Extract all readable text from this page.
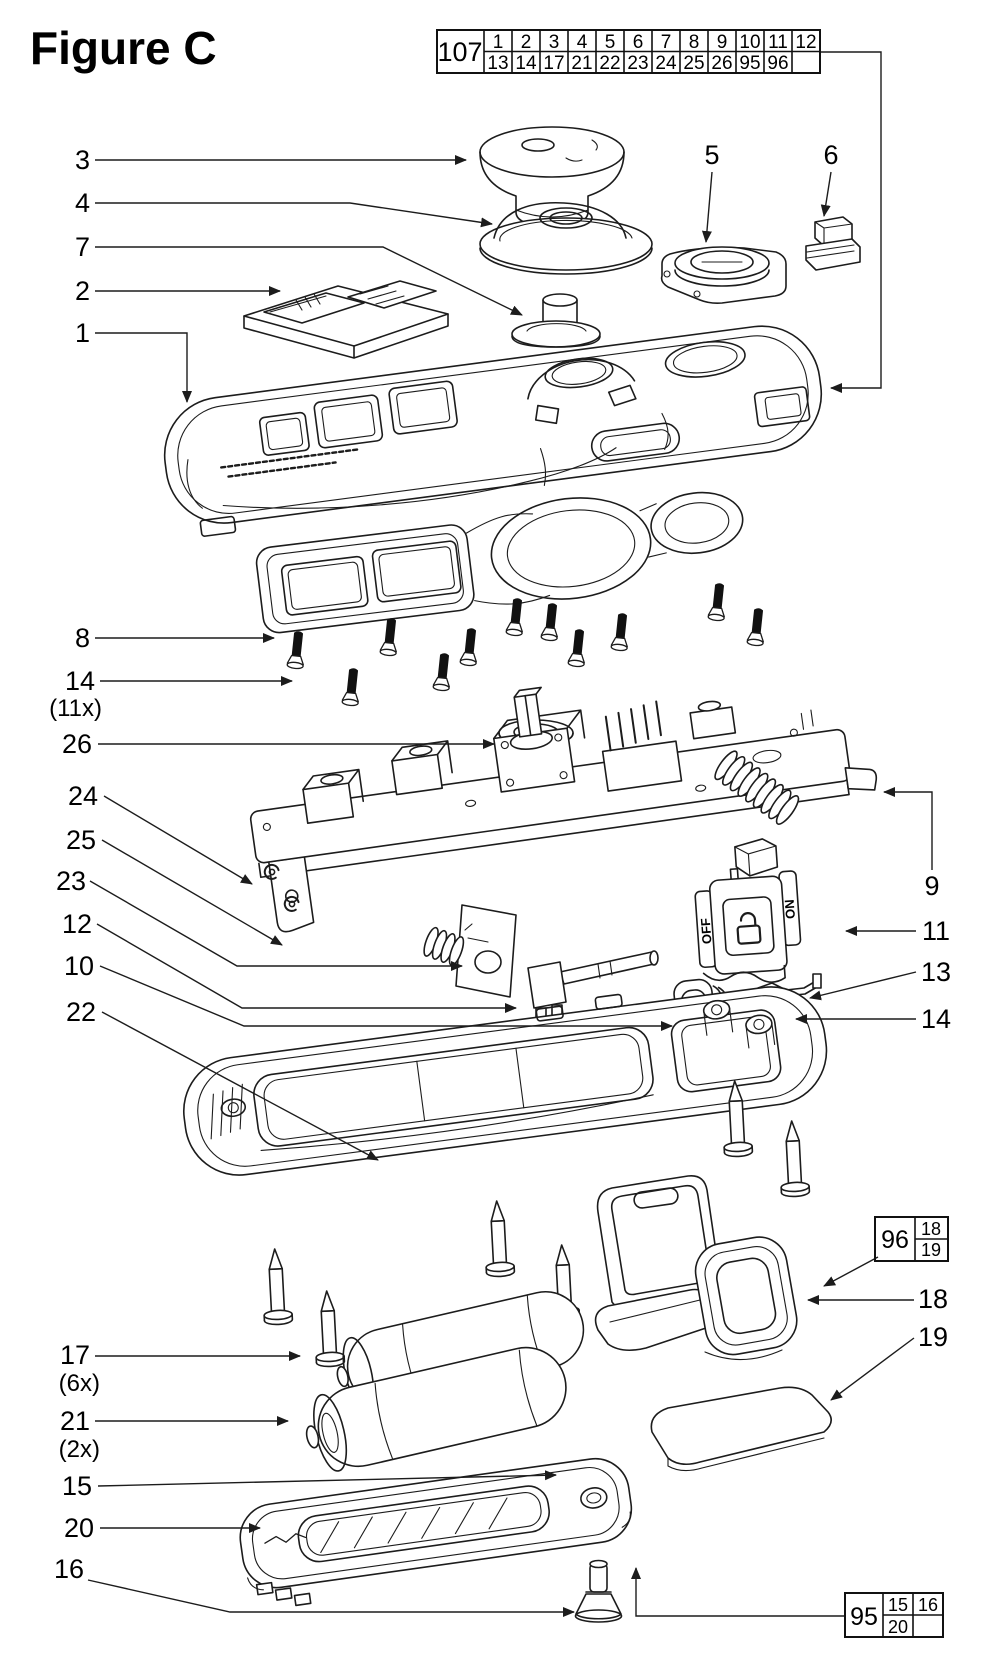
Figure C
OFF
ON
3
4
7
2
1
8
14
(11x)
26
24
25
23
12
10
22
17
(6x)
21
(2x)
15
20
16
5	6
9
11
13
14
18
19
107 1 2 3 4 5 6 7 8 9 10 11 12
13 14 17 21 22 23 24 25 26 95 96
96 18
19
95 15 16
20
